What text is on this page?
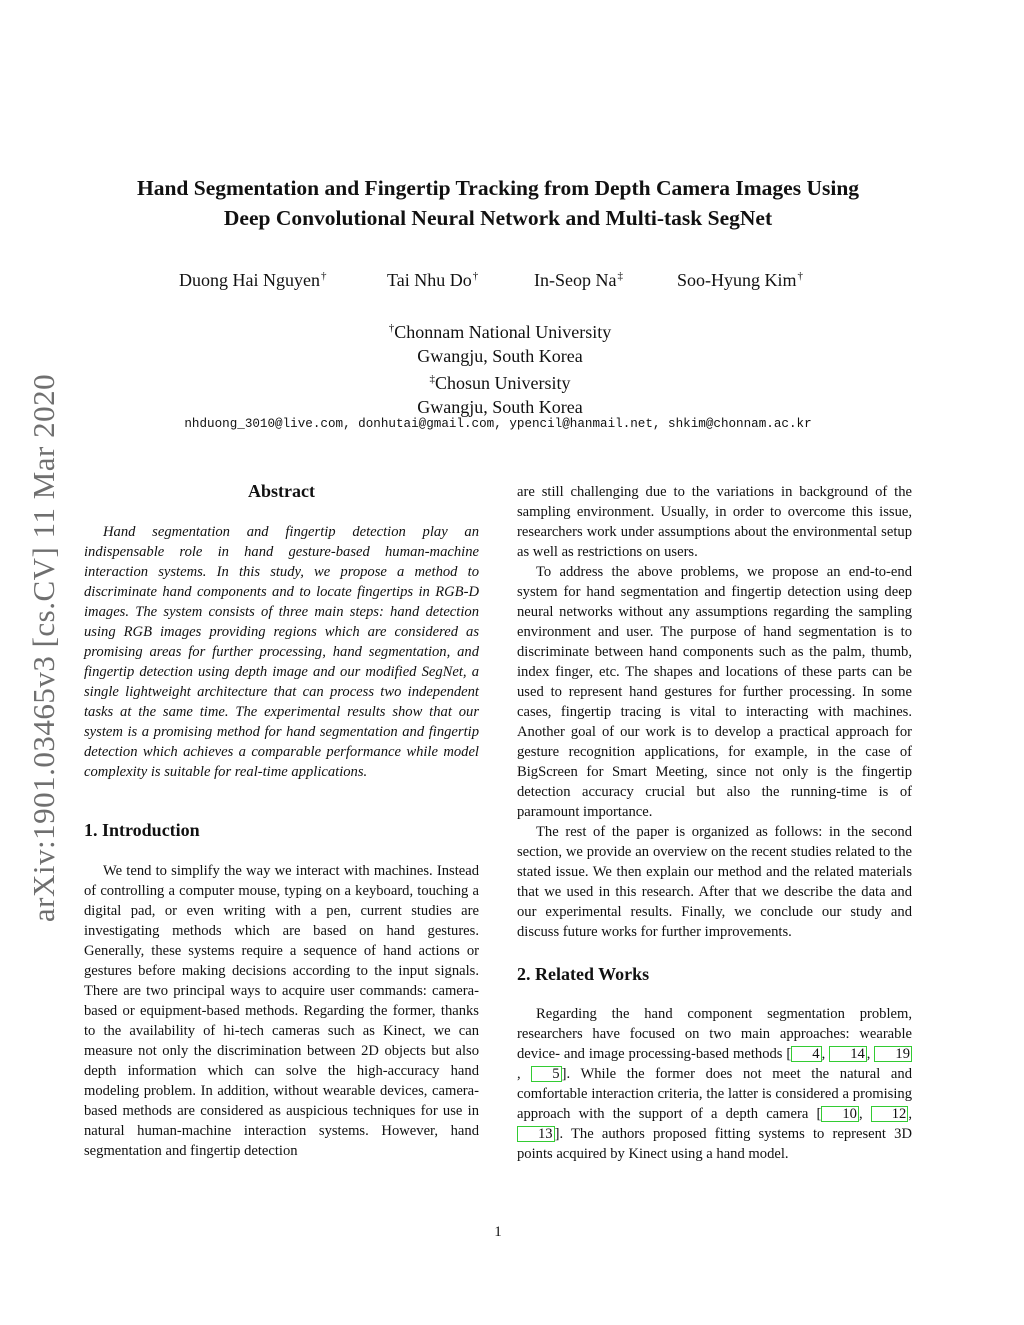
arXiv:1901.03465v3 [cs.CV] 11 Mar 2020
Hand Segmentation and Fingertip Tracking from Depth Camera Images Using
Deep Convolutional Neural Network and Multi-task SegNet
Duong Hai Nguyen†	Tai Nhu Do†	In-Seop Na‡	Soo-Hyung Kim†
†Chonnam National University
Gwangju, South Korea
‡Chosun University
Gwangju, South Korea
nhduong_3010@live.com, donhutai@gmail.com, ypencil@hanmail.net, shkim@chonnam.ac.kr
Abstract

Hand segmentation and fingertip detection play an indispensable role in hand gesture-based human-machine interaction systems. In this study, we propose a method to discriminate hand components and to locate fingertips in RGB-D images. The system consists of three main steps: hand detection using RGB images providing regions which are considered as promising areas for further processing, hand segmentation, and fingertip detection using depth image and our modified SegNet, a single lightweight architecture that can process two independent tasks at the same time. The experimental results show that our system is a promising method for hand segmentation and fingertip detection which achieves a comparable performance while model complexity is suitable for real-time applications.

1. Introduction

We tend to simplify the way we interact with machines. Instead of controlling a computer mouse, typing on a keyboard, touching a digital pad, or even writing with a pen, current studies are investigating methods which are based on hand gestures. Generally, these systems require a sequence of hand actions or gestures before making decisions according to the input signals. There are two principal ways to acquire user commands: camera-based or equipment-based methods. Regarding the former, thanks to the availability of hi-tech cameras such as Kinect, we can measure not only the discrimination between 2D objects but also depth information which can solve the high-accuracy hand modeling problem. In addition, without wearable devices, camera-based methods are considered as auspicious techniques for use in natural human-machine interaction systems. However, hand segmentation and fingertip detection

are still challenging due to the variations in background of the sampling environment. Usually, in order to overcome this issue, researchers work under assumptions about the environmental setup as well as restrictions on users.

To address the above problems, we propose an end-to-end system for hand segmentation and fingertip detection using deep neural networks without any assumptions regarding the sampling environment and user. The purpose of hand segmentation is to discriminate between hand components such as the palm, thumb, index finger, etc. The shapes and locations of these parts can be used to represent hand gestures for further processing. In some cases, fingertip tracing is vital to interacting with machines. Another goal of our work is to develop a practical approach for gesture recognition applications, for example, in the case of BigScreen for Smart Meeting, since not only is the fingertip detection accuracy crucial but also the running-time is of paramount importance.

The rest of the paper is organized as follows: in the second section, we provide an overview on the recent studies related to the stated issue. We then explain our method and the related materials that we used in this research. After that we describe the data and our experimental results. Finally, we conclude our study and discuss future works for further improvements.

2. Related Works

Regarding the hand component segmentation problem, researchers have focused on two main approaches: wearable device- and image processing-based methods [ 4 , 14 , 19, 5 ]. While the former does not meet the natural and comfortable interaction criteria, the latter is considered a promising approach with the support of a depth camera [ 10 , 12 , 13 ]. The authors proposed fitting systems to represent 3D points acquired by Kinect using a hand model.

1
